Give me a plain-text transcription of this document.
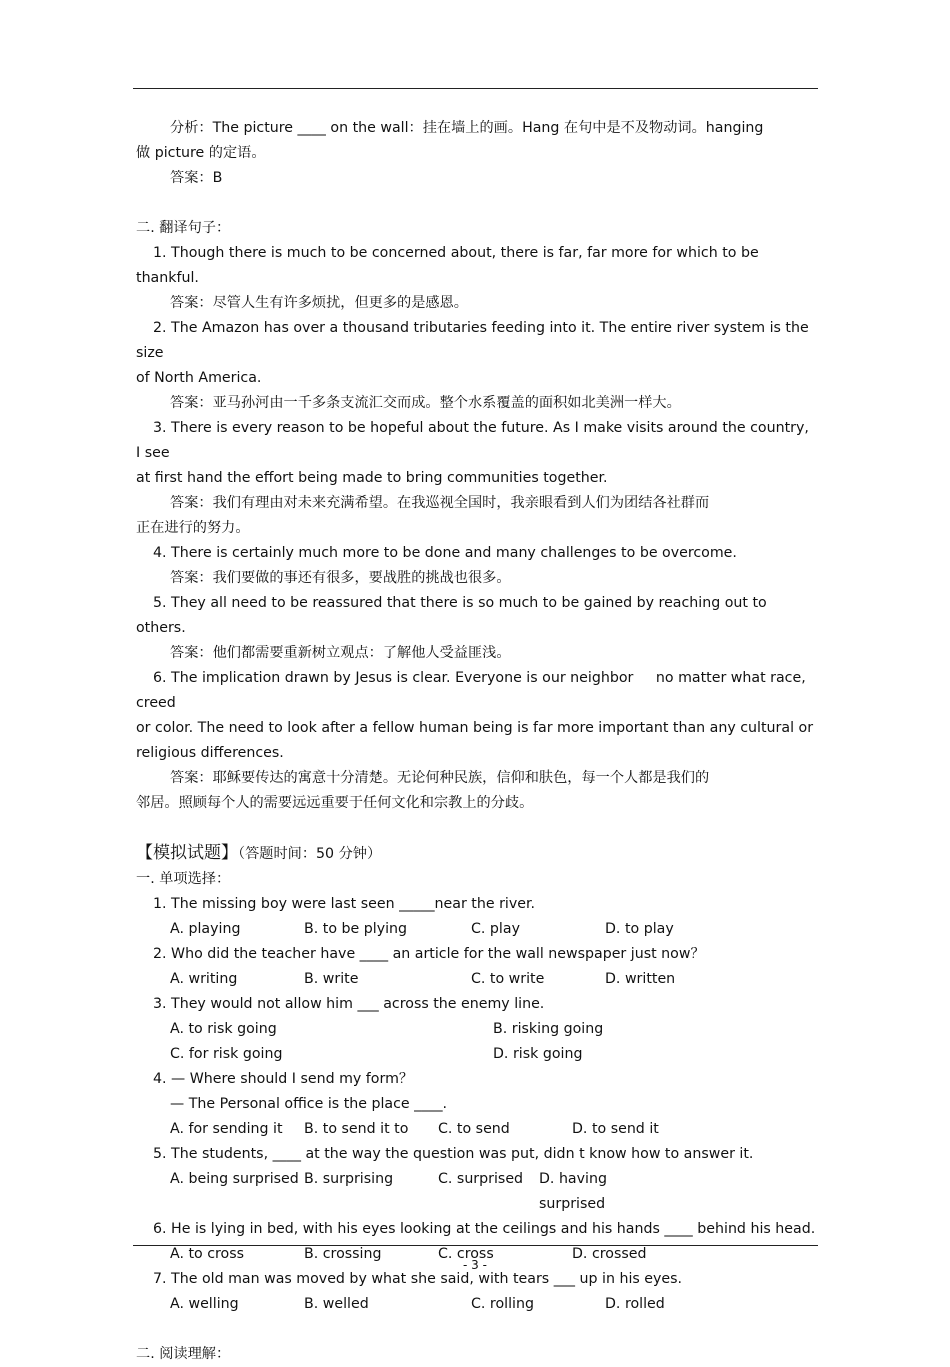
分析：The picture ____ on the wall：挂在墙上的画。Hang 在句中是不及物动词。hanging

做 picture 的定语。

答案：B

二. 翻译句子：

1. Though there is much to be concerned about, there is far, far more for which to be thankful.

答案：尽管人生有许多烦扰，但更多的是感恩。

2. The Amazon has over a thousand tributaries feeding into it. The entire river system is the size

of North America.

答案：亚马孙河由一千多条支流汇交而成。整个水系覆盖的面积如北美洲一样大。

3. There is every reason to be hopeful about the future. As I make visits around the country, I see

at first hand the effort being made to bring communities together.

答案：我们有理由对未来充满希望。在我巡视全国时，我亲眼看到人们为团结各社群而

正在进行的努力。

4. There is certainly much more to be done and many challenges to be overcome.

答案：我们要做的事还有很多，要战胜的挑战也很多。

5. They all need to be reassured that there is so much to be gained by reaching out to others.

答案：他们都需要重新树立观点：了解他人受益匪浅。

6. The implication drawn by Jesus is clear. Everyone is our neighbor     no matter what race, creed

or color. The need to look after a fellow human being is far more important than any cultural or

religious differences.

答案：耶稣要传达的寓意十分清楚。无论何种民族，信仰和肤色，每一个人都是我们的

邻居。照顾每个人的需要远远重要于任何文化和宗教上的分歧。

【模拟试题】（答题时间：50 分钟）

一. 单项选择：

1. The missing boy were last seen _____near the river.

A. playing	B. to be plying	C. play	D. to play

2. Who did the teacher have ____ an article for the wall newspaper just now？

A. writing	B. write	C. to write	D. written

3. They would not allow him ___ across the enemy line.

A. to risk going	B. risking going
C. for risk going	D. risk going

4. — Where should I send my form？

— The Personal office is the place ____.

A. for sending it	B. to send it to	C. to send	D. to send it

5. The students, ____ at the way the question was put, didn t know how to answer it.

A. being surprised B. surprising	C. surprised	D. having surprised

6. He is lying in bed, with his eyes looking at the ceilings and his hands ____ behind his head.

A. to cross	B. crossing	C. cross	D. crossed

7. The old man was moved by what she said, with tears ___ up in his eyes.

A. welling	B. welled	C. rolling	D. rolled

二. 阅读理解：

- 3 -
